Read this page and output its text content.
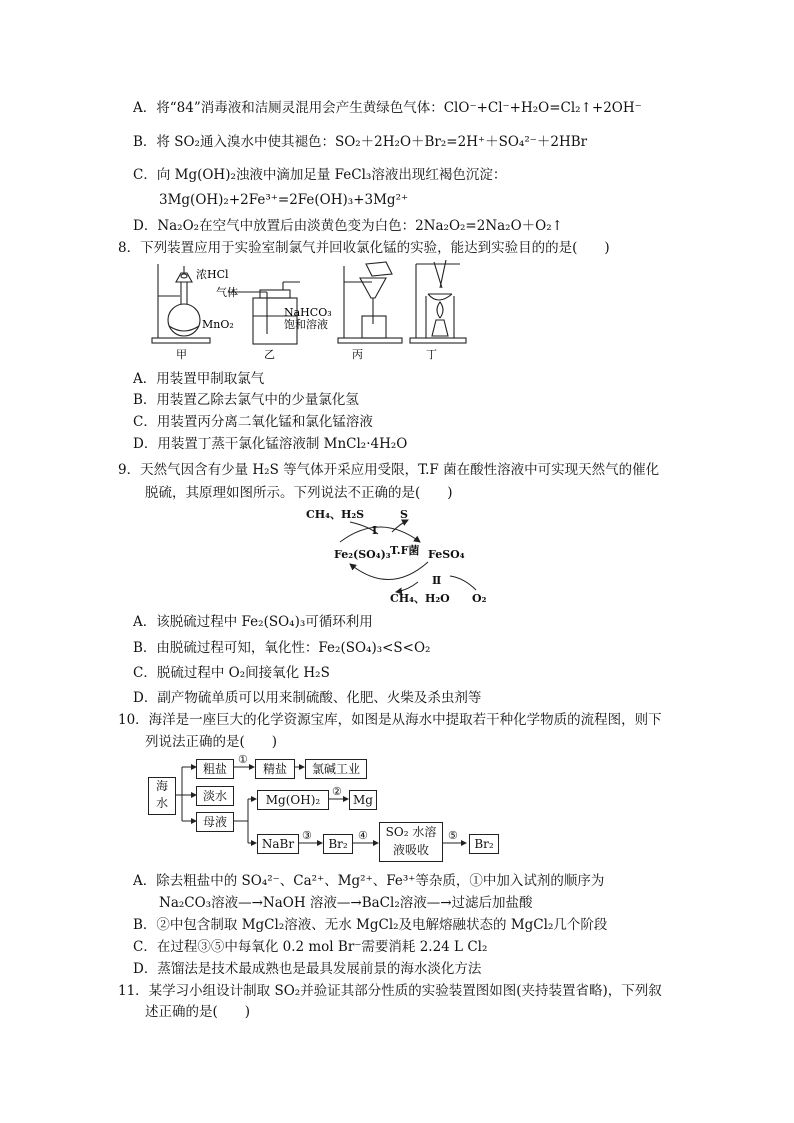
A．将“84”消毒液和洁厕灵混用会产生黄绿色气体：ClO⁻+Cl⁻+H₂O=Cl₂↑+2OH⁻
B．将 SO₂通入溴水中使其褪色：SO₂＋2H₂O＋Br₂=2H⁺＋SO₄²⁻＋2HBr
C．向 Mg(OH)₂浊液中滴加足量 FeCl₃溶液出现红褐色沉淀：
3Mg(OH)₂+2Fe³⁺=2Fe(OH)₃+3Mg²⁺
D．Na₂O₂在空气中放置后由淡黄色变为白色：2Na₂O₂=2Na₂O＋O₂↑
8．下列装置应用于实验室制氯气并回收氯化锰的实验，能达到实验目的的是(　　)
浓HCl
MnO₂
气体
NaHCO₃
饱和溶液
甲	乙	丙	丁
A．用装置甲制取氯气
B．用装置乙除去氯气中的少量氯化氢
C．用装置丙分离二氧化锰和氯化锰溶液
D．用装置丁蒸干氯化锰溶液制 MnCl₂·4H₂O
9．天然气因含有少量 H₂S 等气体开采应用受限，T.F 菌在酸性溶液中可实现天然气的催化
脱硫，其原理如图所示。下列说法不正确的是(　　)
CH₄、H₂S	S
Ⅰ
Fe₂(SO₄)₃ T.F菌 FeSO₄
Ⅱ
CH₄、H₂O O₂
A．该脱硫过程中 Fe₂(SO₄)₃可循环利用
B．由脱硫过程可知，氧化性：Fe₂(SO₄)₃<S<O₂
C．脱硫过程中 O₂间接氧化 H₂S
D．副产物硫单质可以用来制硫酸、化肥、火柴及杀虫剂等
10．海洋是一座巨大的化学资源宝库，如图是从海水中提取若干种化学物质的流程图，则下
列说法正确的是(　　)
①
②
③	④	⑤
海水
粗盐	精盐	氯碱工业
淡水
母液
Mg(OH)₂	Mg
NaBr	Br₂
SO₂ 水溶
液吸收	Br₂
A．除去粗盐中的 SO₄²⁻、Ca²⁺、Mg²⁺、Fe³⁺等杂质，①中加入试剂的顺序为
Na₂CO₃溶液—→NaOH 溶液—→BaCl₂溶液—→过滤后加盐酸
B．②中包含制取 MgCl₂溶液、无水 MgCl₂及电解熔融状态的 MgCl₂几个阶段
C．在过程③⑤中每氧化 0.2 mol Br⁻需要消耗 2.24 L Cl₂
D．蒸馏法是技术最成熟也是最具发展前景的海水淡化方法
11．某学习小组设计制取 SO₂并验证其部分性质的实验装置图如图(夹持装置省略)，下列叙
述正确的是(　　)
